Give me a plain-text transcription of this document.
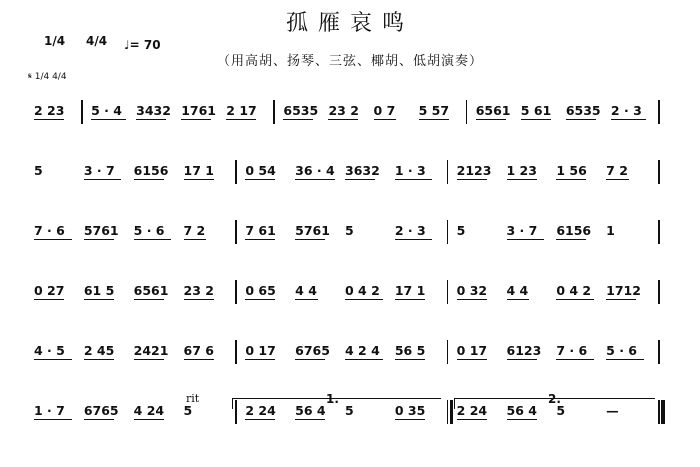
孤雁哀鸣
（用高胡、扬琴、三弦、椰胡、低胡演奏）
1/4 4/4 ♩= 70
𝄋 1/4 4/4
2 23 5 · 4 3432 1761 2 17 6535 23 2 0 7 5 57 6561 5 61 6535 2 · 3
5	3 · 7 6156 17 1	0 54 36 · 4 3632 1 · 3 2123 1 23 1 56 7 2
7 · 6 5761 5 · 6 7 2	7 61 5761 5	2 · 3 5	3 · 7 6156 1
0 27 61 5 6561 23 2	0 65 4 4 0 4 2 17 1	0 32 4 4 0 4 2 1712
4 · 5 2 45 2421 67 6	0 17 6765 4 2 4 56 5	0 17 6123 7 · 6 5 · 6
1 · 7 6765 4 24 5	2 24 56 4 5	0 35	2 24 56 4 5	—
rit	1.	2.
